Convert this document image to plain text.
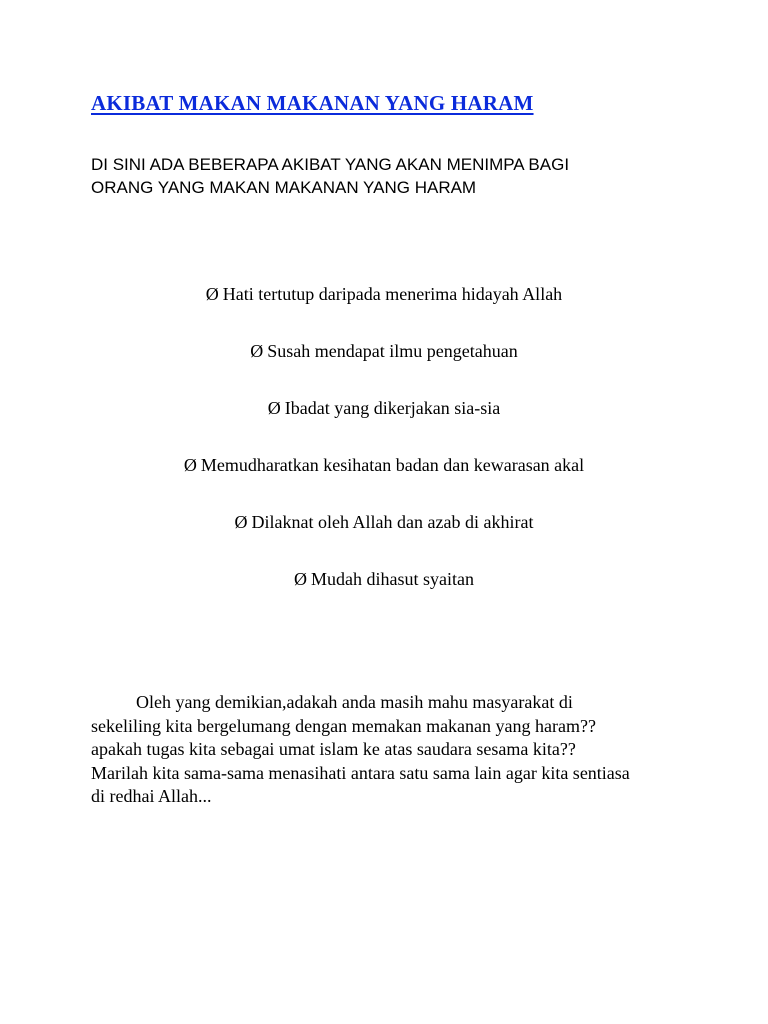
AKIBAT MAKAN MAKANAN YANG HARAM

DI SINI ADA BEBERAPA AKIBAT YANG AKAN MENIMPA BAGI
ORANG YANG MAKAN MAKANAN YANG HARAM

Ø Hati tertutup daripada menerima hidayah Allah
Ø Susah mendapat ilmu pengetahuan
Ø Ibadat yang dikerjakan sia-sia
Ø Memudharatkan kesihatan badan dan kewarasan akal
Ø Dilaknat oleh Allah dan azab di akhirat
Ø Mudah dihasut syaitan

Oleh yang demikian,adakah anda masih mahu masyarakat di
sekeliling kita bergelumang dengan memakan makanan yang haram??
apakah tugas kita sebagai umat islam ke atas saudara sesama kita??
Marilah kita sama-sama menasihati antara satu sama lain agar kita sentiasa
di redhai Allah...
